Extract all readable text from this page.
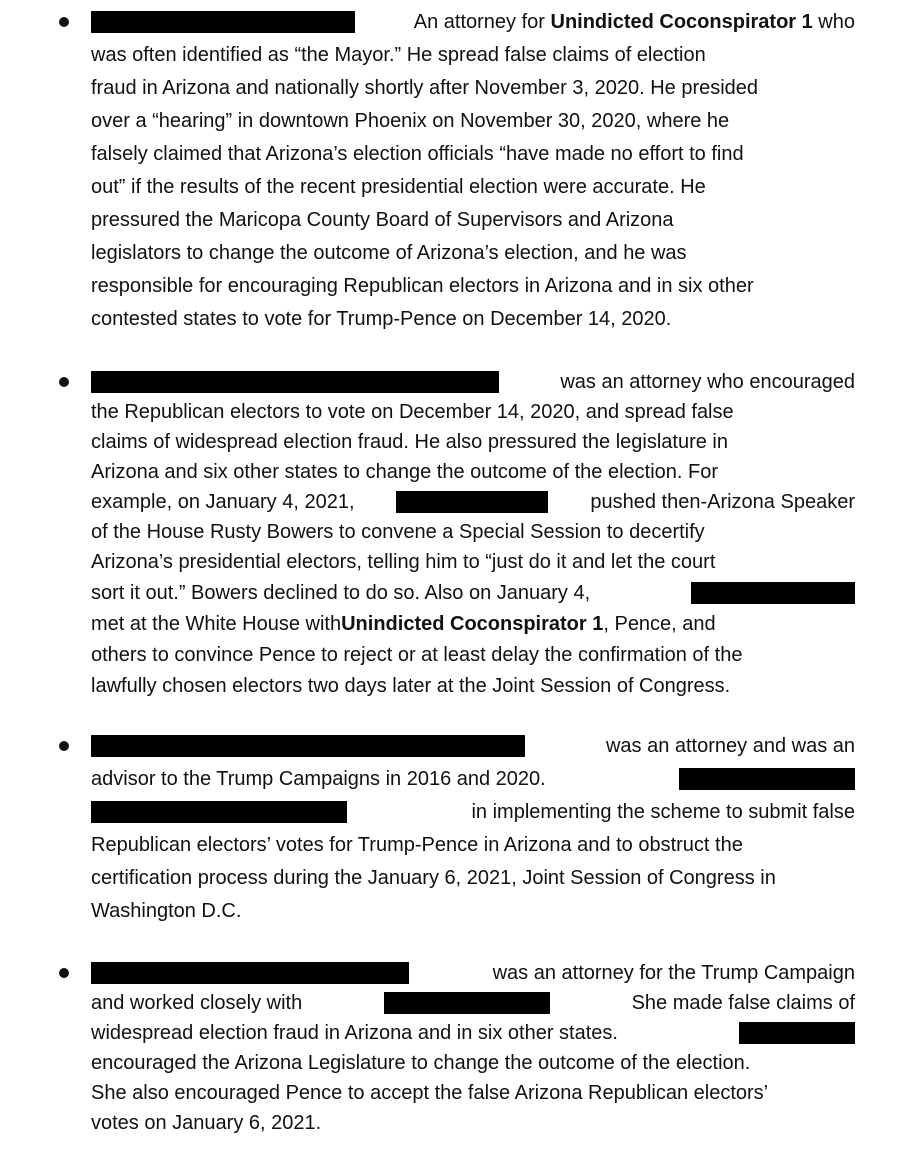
An attorney for Unindicted Coconspirator 1 who
was often identified as “the Mayor.” He spread false claims of election
fraud in Arizona and nationally shortly after November 3, 2020. He presided
over a “hearing” in downtown Phoenix on November 30, 2020, where he
falsely claimed that Arizona’s election officials “have made no effort to find
out” if the results of the recent presidential election were accurate. He
pressured the Maricopa County Board of Supervisors and Arizona
legislators to change the outcome of Arizona’s election, and he was
responsible for encouraging Republican electors in Arizona and in six other
contested states to vote for Trump-Pence on December 14, 2020.
was an attorney who encouraged
the Republican electors to vote on December 14, 2020, and spread false
claims of widespread election fraud. He also pressured the legislature in
Arizona and six other states to change the outcome of the election. For
example, on January 4, 2021,	pushed then-Arizona Speaker
of the House Rusty Bowers to convene a Special Session to decertify
Arizona’s presidential electors, telling him to “just do it and let the court
sort it out.” Bowers declined to do so. Also on January 4,
met at the White House with Unindicted Coconspirator 1 , Pence, and
others to convince Pence to reject or at least delay the confirmation of the
lawfully chosen electors two days later at the Joint Session of Congress.
was an attorney and was an
advisor to the Trump Campaigns in 2016 and 2020.
in implementing the scheme to submit false
Republican electors’ votes for Trump-Pence in Arizona and to obstruct the
certification process during the January 6, 2021, Joint Session of Congress in
Washington D.C.
was an attorney for the Trump Campaign
and worked closely with	She made false claims of
widespread election fraud in Arizona and in six other states.
encouraged the Arizona Legislature to change the outcome of the election.
She also encouraged Pence to accept the false Arizona Republican electors’
votes on January 6, 2021.
